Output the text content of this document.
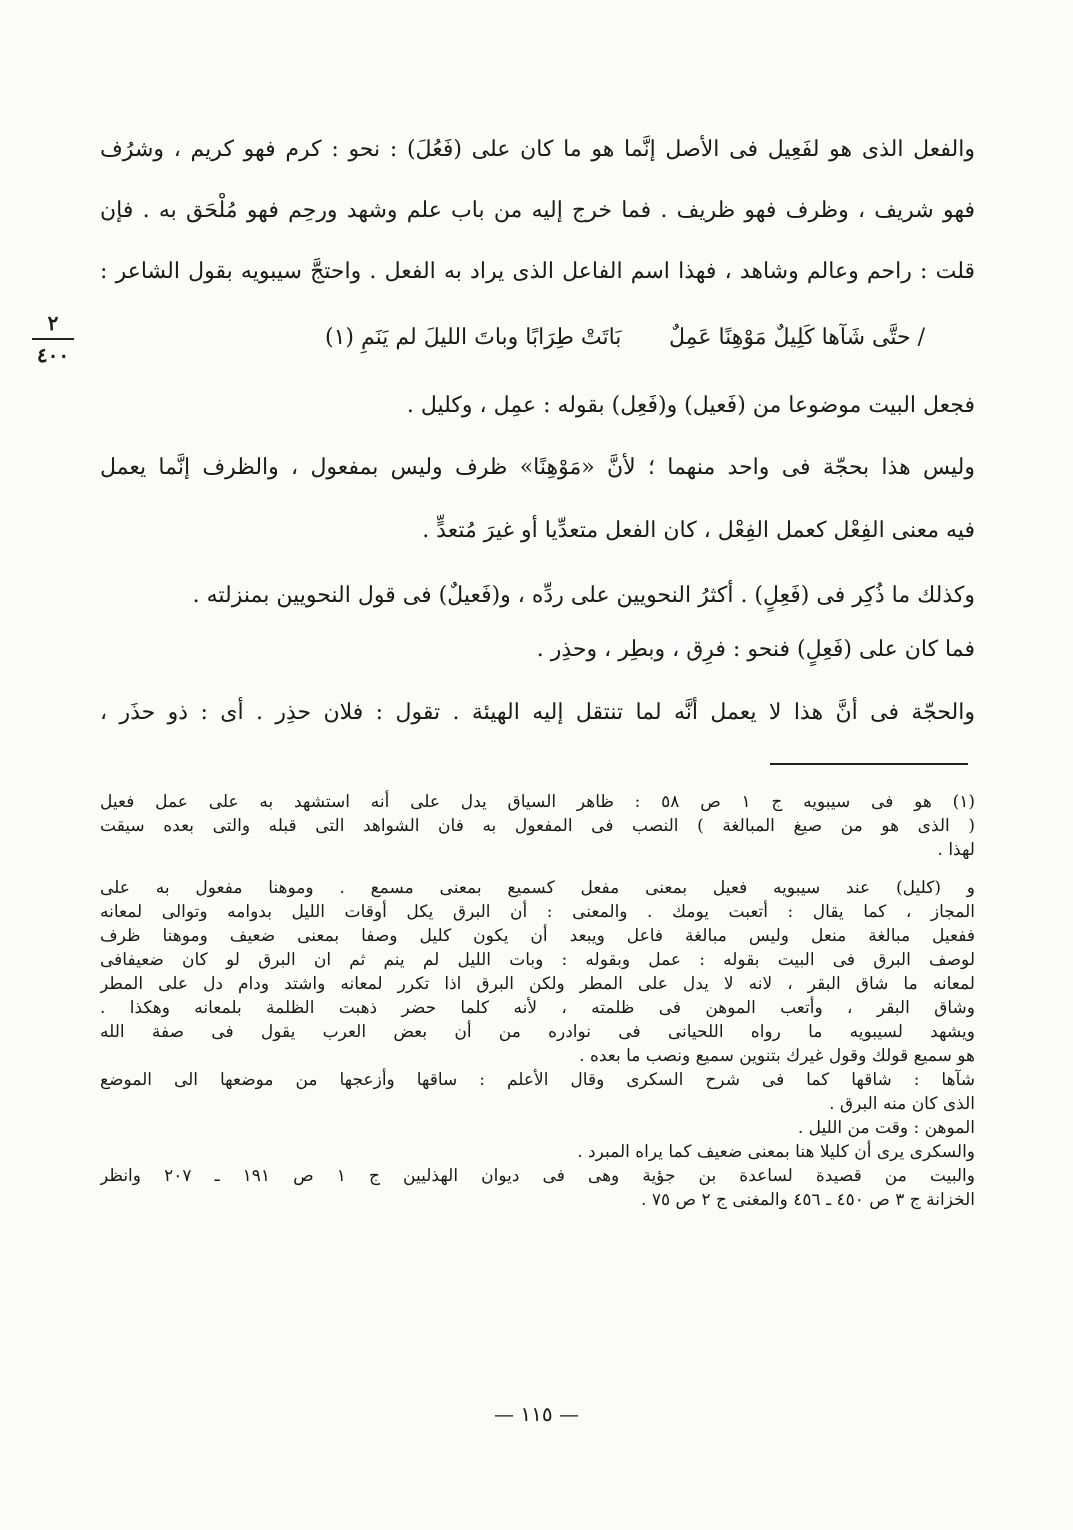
٢
٤٠٠
والفعل الذى هو لفَعِيل فى الأصل إنَّما هو ما كان على (فَعُلَ) : نحو : كرم فهو كريم ، وشرُف
فهو شريف ، وظرف فهو ظريف . فما خرج إليه من باب علم وشهد ورحِم فهو مُلْحَق به . فإن
قلت : راحم وعالم وشاهد ، فهذا اسم الفاعل الذى يراد به الفعل . واحتجَّ سيبويه بقول الشاعر :
/ حتَّى شَآها كَلِيلٌ مَوْهِنًا عَمِلٌ
بَاتَتْ طِرَابًا وباتَ الليلَ لم يَنَمِ (١)
فجعل البيت موضوعا من (فَعيل) و(فَعِل) بقوله : عمِل ، وكليل .
وليس هذا بحجّة فى واحد منهما ؛ لأنَّ «مَوْهِنًا» ظرف وليس بمفعول ، والظرف إنَّما يعمل
فيه معنى الفِعْل كعمل الفِعْل ، كان الفعل متعدِّيا أو غيرَ مُتعدٍّ .
وكذلك ما ذُكِر فى (فَعِلٍ) . أكثرُ النحويين على ردِّه ، و(فَعيلٌ) فى قول النحويين بمنزلته .
فما كان على (فَعِلٍ) فنحو : فرِق ، وبطِر ، وحذِر .
والحجّة فى أنَّ هذا لا يعمل أنَّه لما تنتقل إليه الهيئة . تقول : فلان حذِر . أى : ذو حذَر ،
(١) هو فى سيبويه ج ١ ص ٥٨ : ظاهر السياق يدل على أنه استشهد به على عمل فعيل
( الذى هو من صيغ المبالغة ) النصب فى المفعول به فان الشواهد التى قبله والتى بعده سيقت
لهذا .
و (كليل) عند سيبويه فعيل بمعنى مفعل كسميع بمعنى مسمع . وموهنا مفعول به على
المجاز ، كما يقال : أتعبت يومك . والمعنى : أن البرق يكل أوقات الليل بدوامه وتوالى لمعانه
ففعيل مبالغة منعل وليس مبالغة فاعل ويبعد أن يكون كليل وصفا بمعنى ضعيف وموهنا ظرف
لوصف البرق فى البيت بقوله : عمل وبقوله : وبات الليل لم ينم ثم ان البرق لو كان ضعيفافى
لمعانه ما شاق البقر ، لانه لا يدل على المطر ولكن البرق اذا تكرر لمعانه واشتد ودام دل على المطر
وشاق البقر ، وأتعب الموهن فى ظلمته ، لأنه كلما حضر ذهبت الظلمة بلمعانه وهكذا .
ويشهد لسيبويه ما رواه اللحيانى فى نوادره من أن بعض العرب يقول فى صفة الله
هو سميع قولك وقول غيرك بتنوين سميع ونصب ما بعده .
شآها : شاقها كما فى شرح السكرى وقال الأعلم : ساقها وأزعجها من موضعها الى الموضع
الذى كان منه البرق .
الموهن : وقت من الليل .
والسكرى يرى أن كليلا هنا بمعنى ضعيف كما يراه المبرد .
والبيت من قصيدة لساعدة بن جؤية وهى فى ديوان الهذليين ج ١ ص ١٩١ ـ ٢٠٧ وانظر
الخزانة ج ٣ ص ٤٥٠ ـ ٤٥٦ والمغنى ج ٢ ص ٧٥ .
— ١١٥ —
